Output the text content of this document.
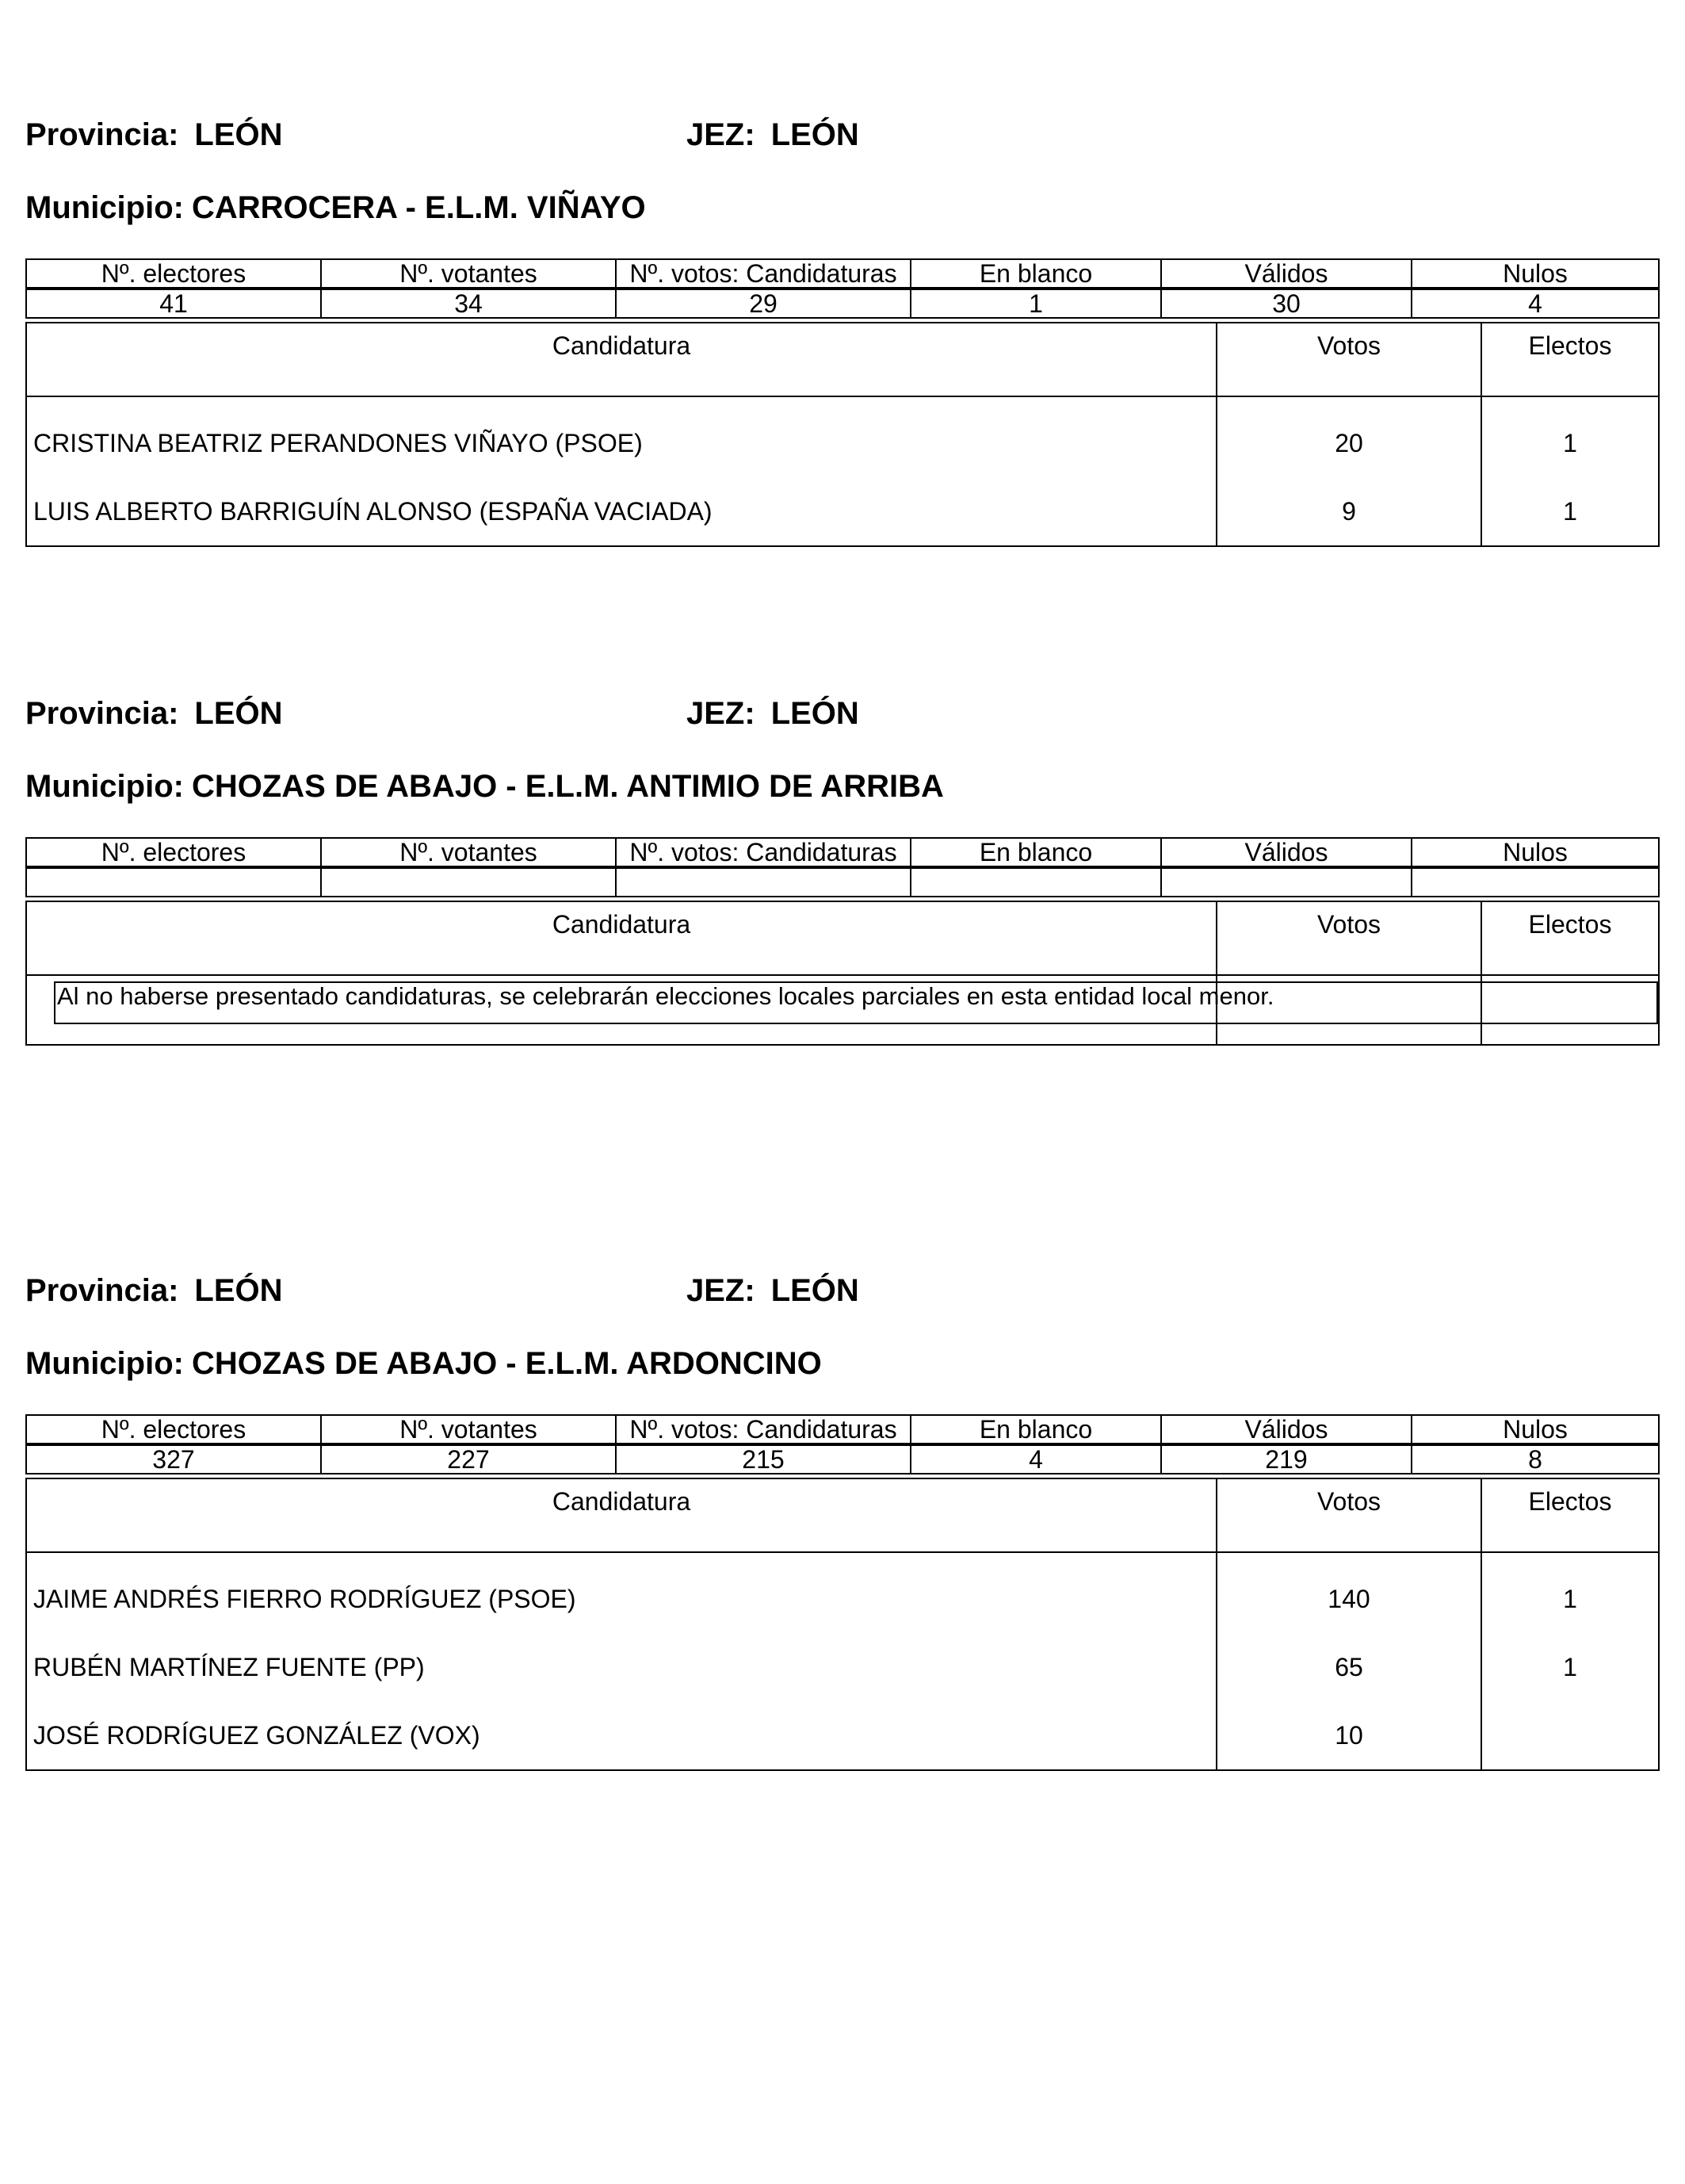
Provincia: LEÓN	JEZ: LEÓN
Municipio: CARROCERA - E.L.M. VIÑAYO
Nº. electores	Nº. votantes	Nº. votos: Candidaturas	En blanco	Válidos	Nulos
41	34	29	1	30	4
Candidatura	Votos	Electos
CRISTINA BEATRIZ PERANDONES VIÑAYO (PSOE)	20	1
LUIS ALBERTO BARRIGUÍN ALONSO (ESPAÑA VACIADA)	9	1
Provincia: LEÓN	JEZ: LEÓN
Municipio: CHOZAS DE ABAJO - E.L.M. ANTIMIO DE ARRIBA
Nº. electores	Nº. votantes	Nº. votos: Candidaturas	En blanco	Válidos	Nulos

Candidatura	Votos	Electos

Al no haberse presentado candidaturas, se celebrarán elecciones locales parciales en esta entidad local menor.
Provincia: LEÓN	JEZ: LEÓN
Municipio: CHOZAS DE ABAJO - E.L.M. ARDONCINO
Nº. electores	Nº. votantes	Nº. votos: Candidaturas	En blanco	Válidos	Nulos
327	227	215	4	219	8
Candidatura	Votos	Electos
JAIME ANDRÉS FIERRO RODRÍGUEZ (PSOE)	140	1
RUBÉN MARTÍNEZ FUENTE (PP)	65	1
JOSÉ RODRÍGUEZ GONZÁLEZ (VOX)	10	
